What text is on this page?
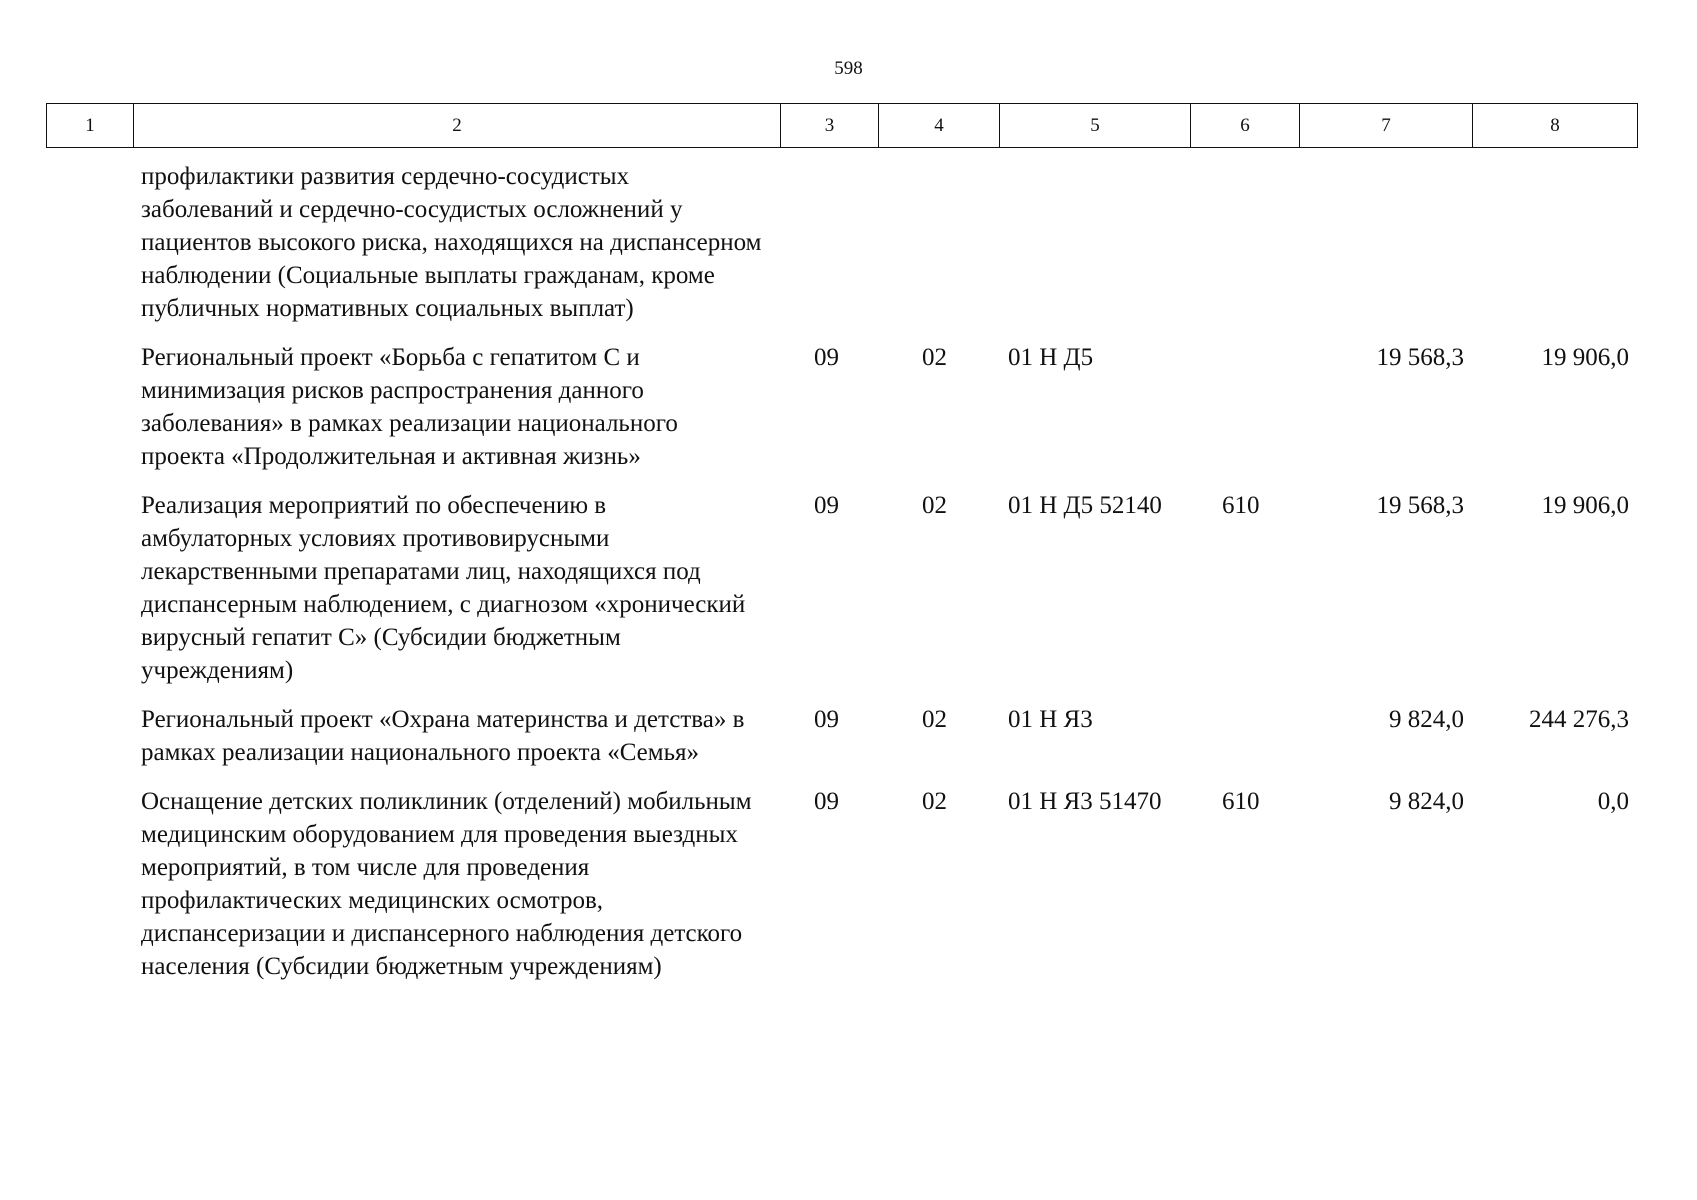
598
1	2	3	4	5	6	7	8
профилактики развития сердечно-сосудистых заболеваний и сердечно-сосудистых осложнений у пациентов высокого риска, находящихся на диспансерном наблюдении (Социальные выплаты гражданам, кроме публичных нормативных социальных выплат)						
Региональный проект «Борьба с гепатитом С и минимизация рисков распространения данного заболевания» в рамках реализации национального проекта «Продолжительная и активная жизнь»	09	02	01 Н Д5		19 568,3	19 906,0
Реализация мероприятий по обеспечению в амбулаторных условиях противовирусными лекарственными препаратами лиц, находящихся под диспансерным наблюдением, с диагнозом «хронический вирусный гепатит С» (Субсидии бюджетным учреждениям)	09	02	01 Н Д5 52140	610	19 568,3	19 906,0
Региональный проект «Охрана материнства и детства» в рамках реализации национального проекта «Семья»	09	02	01 Н Я3		9 824,0	244 276,3
Оснащение детских поликлиник (отделений) мобильным медицинским оборудованием для проведения выездных мероприятий, в том числе для проведения профилактических медицинских осмотров, диспансеризации и диспансерного наблюдения детского населения (Субсидии бюджетным учреждениям)	09	02	01 Н Я3 51470	610	9 824,0	0,0
